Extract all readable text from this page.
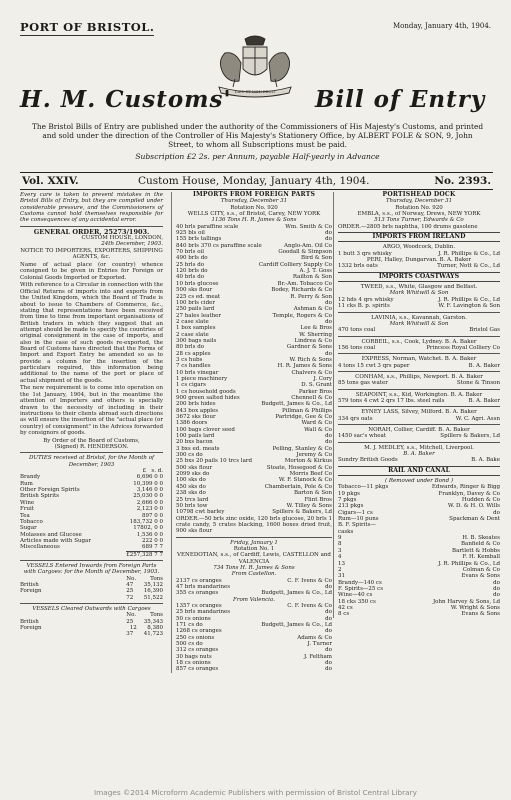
PORT OF BRISTOL.	Monday, January 4th, 1904.
DIEU ET MON DROIT
H. M. Customs'	Bill of Entry
The Bristol Bills of Entry are published under the authority of the Commissioners of His Majesty's Customs, and printed and sold under the direction of the Controller of His Majesty's Stationery Office, by ALBERT FOLE & SON, 9, John Street, to whom all Subscriptions must be paid.
Subscription £2 2s. per Annum, payable Half-yearly in Advance
Vol. XXIV.	Custom House, Monday, January 4th, 1904.	No. 2393.
Every care is taken to prevent mistakes in the Bristol Bills of Entry, but they are compiled under considerable pressure, and the Commissioners of Customs cannot hold themselves responsible for the consequences of any accidental error.
GENERAL ORDER, 25273/1903.
CUSTOM HOUSE, LONDON,
24th December, 1903.
NOTICE TO IMPORTERS, EXPORTERS, SHIPPING AGENTS, &c.
Name of actual place (or country) whence consigned to be given in Entries for Foreign or Colonial Goods Imported or Exported.
With reference to a Circular in connection with the Official Returns of imports into and exports from the United Kingdom, which the Board of Trade is about to issue to Chambers of Commerce, &c., stating that representations have been received from time to time from important organisations of British traders in which they suggest that an attempt should be made to specify the countries of original consignment in the case of imports, and also in the case of such goods re-exported, the Board of Customs have directed that the Forms of Import and Export Entry be amended so as to provide a column for the insertion of the particulars required, this information being additional to the name of the port or place of actual shipment of the goods.
The new requirement is to come into operation on the 1st January, 1904, but in the meantime the attention of Importers and others is specially drawn to the necessity of including in their instructions to their clients abroad such directions as will ensure the insertion of the "actual place (or country) of consignment" in the Advices forwarded by consignors of goods.
By Order of the Board of Customs,
(Signed) R. HENDERSON.
DUTIES received at Bristol, for the Month of December, 1903
£ s. d.
Brandy	6,696 0 0
Rum	10,399 0 0
Other Foreign Spirits	3,146 0 0
British Spirits	25,030 0 0
Wine	2,666 0 0
Fruit	2,123 0 0
Tea	897 0 0
Tobacco	183,732 0 0
Sugar	17802, 0 0
Molasses and Glucose	1,536 0 0
Articles made with Sugar	222 0 0
Miscellaneous	689 7 7
£257,328 7 7
VESSELS Entered Inwards from Foreign Parts with Cargoes: for the Month of December, 1903.
No.	Tons
British	47 35,132
Foreign	25 16,390
72 51,522
VESSELS Cleared Outwards with Cargoes
No.	Tons
British	25 35,343
Foreign	12 8,380
37 41,723
IMPORTS FROM FOREIGN PARTS
Thursday, December 31
Rotation No. 920
WELLS CITY, s.s., of Bristol, Carey, NEW YORK
1136 Tons H. R. James & Sons
40 brls paraffine scale	Wm. Smith & Co
925 bls oil	do
155 brls tallings	do
840 brls 370 cs paraffine scale	Anglo-Am. Oil Co
70 brls oil	Goodall & Simpson
490 brls do	Bird & Son
25 brls do	Cardiff Colliery Supply Co
120 brls do	A. J. T. Goss
40 brls do	Railton & Son
10 brls glucose	Br.-Am. Tobacco Co
500 sks flour	Bodey, Richards & Co
225 cs ed. meat	R. Perry & Son
100 brls cider	do
250 pails lard	Ashman & Co
27 bales leather	Temple, Rogers & Co
2 case slate	do
1 box samples	Lee & Bros
2 case slate	W. Sherring
300 bags nails	Lindrea & Co
80 brls do	Gardner & Sons
28 cs apples	do
3 cs hubs	W. Rich & Sons
7 cs handles	H. R. James & Sons
10 brls vinegar	Chalvers & Co
1 piece machinery	J. Cory
1 cs cigars	D. S. Grant
1 cs household goods	Parker Bros
900 green salted hides	Chennell & Co
200 brls hides	Budgett, James & Co., Ld
843 box apples	Pillman & Phillips
3672 sks flour	Partridge, Gee & Co
1386 doors	Ward & Co
100 bags clover seed	Wall & Co
100 pails lard	do
20 bxs bacon	do
3 bxs ed. meats	Pelling, Stanley & Co
300 cs do	Jeremy & Co
25 bxs 20 pails 10 trcs lard	Morton & Kirkus
500 sks flour	Stoate, Hosegood & Co
2099 sks do	Morris Beef Co
100 sks do	W. F. Stanock & Co
450 sks do	Chamberlain, Pole & Co
238 sks do	Barton & Son
25 trcs lard	Flint Bros
50 brls tow	W. Tilley & Sons
10798 cwt barley	Spillers & Bakers, Ld
ORDER.—50 brls zinc oxide, 120 brls glucose, 20 brls 1 crate candy, 5 crates blacking, 1600 boxes dried fruit, 900 sks flour
Friday, January 1
Rotation No. 1
VENEDOTIAN, s.s., of Cardiff, Lewis, CASTELLON and VALENCIA
734 Tons H. R. James & Sons
From Castellon.
2137 cs oranges	C. F. Ivens & Co
47 brls mandarines	do
355 cs oranges	Budgett, James & Co., Ld
From Valencia.
1357 cs oranges	C. F. Ivens & Co
25 brls mandarines	do
50 cs onions	do
171 cs do	Budgett, James & Co., Ld
1268 cs oranges	do
250 cs onions	Adams & Co
500 cs do	J. Turner
312 cs oranges	do
30 bags nuts	J. Feltham
18 cs onions	do
857 cs oranges	do
PORTISHEAD DOCK
Thursday, December 31
Rotation No. 920
EMBLA, s.s., of Norway, Drews, NEW YORK
513 Tons Turner, Edwards & Co
ORDER.—2805 brls naphtha, 100 drums gasolene
IMPORTS FROM IRELAND
ARGO, Woodcock, Dublin.
1 butt 3 qrs whisky	J. R. Phillips & Co., Ld
PERI, Halley, Dungarvan. B. A. Baker
1332 brls oats	Turner, Nott & Co., Ld
IMPORTS COASTWAYS
TWEED, s.s., White, Glasgow and Belfast.
Mark Whitwill & Son
12 hds 4 qrs whisky	J. R. Phillips & Co., Ld
11 cks B. p. spirits	W. F. Lavington & Son
LAVINIA, s.s., Kavannah, Garston.
Mark Whitwill & Son
470 tons coal	Bristol Gas
CORBEIL, s.s., Cook, Lydney. B. A. Baker
156 tons coal	Princess Royal Colliery Co
EXPRESS, Norman, Watchet. B. A. Baker
4 tons 15 cwt 3 qrs paper	B. A. Baker
CONHAM, s.s., Phillips, Newport. B. A. Baker
85 tons gas water	Stone & Tinson
SEAPOINT, s.s., Kid, Workington. B. A. Baker
579 tons 4 cwt 2 qrs 17 lbs. steel rails	B. A. Baker
EYNEY LASS, Silvey, Milford. B. A. Baker
334 qrs oats	W. C. Agri. Assn
NORAH, Collier, Cardiff. B. A. Baker
1450 sac's wheat	Spillers & Bakers, Ld
M. J. MEDLEY, s.s., Mitchell, Liverpool.
B. A. Baker
Sundry British Goods	B. A. Bake
RAIL AND CANAL
( Removed under Bond )
Tobacco—11 pkgs	Edwards, Ringer & Bigg
19 pkgs	Franklyn, Davey & Co
7 pkgs	Hudden & Co
213 pkgs	W. D. & H. O. Wills
Cigars—1 cs	do
Rum—10 puns	Spackman & Dent
B. F. Spirits—
casks
9	H. B. Skeates
8	Banfield & Co
3	Bartlett & Hobbs
4	F. H. Kemball
13	J. R. Phillips & Co., Ld
2	Colman & Co
31	Evans & Sons
Brandy—140 cs	do
F. Spirits—25 cs	do
Wine—40 cs	do
18 cks 350 cs	John Harvey & Sons, Ld
42 cs	W. Wright & Sons
8 cs	Evans & Sons
Images ©2014 Microform Academic Publishers with permission of Bristol Central Library
